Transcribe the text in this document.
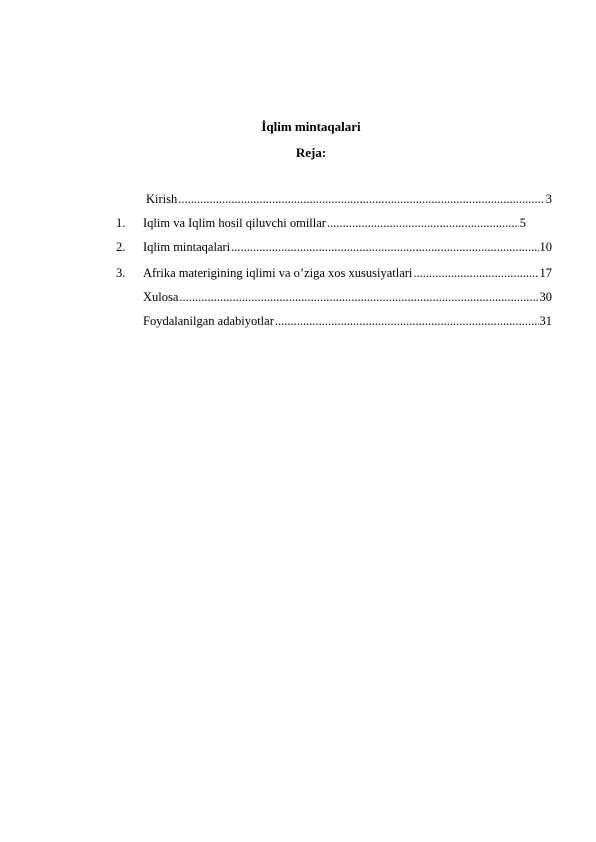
İqlim mintaqalari
Reja:
Kirish .....	3
1.	Iqlim va Iqlim hosil qiluvchi omillar .....	5
2.	Iqlim mintaqalari .....	10
3.	Afrika materigining iqlimi va o’ziga xos xususiyatlari .....	17
Xulosa .....	30
Foydalanilgan adabiyotlar .....	31
